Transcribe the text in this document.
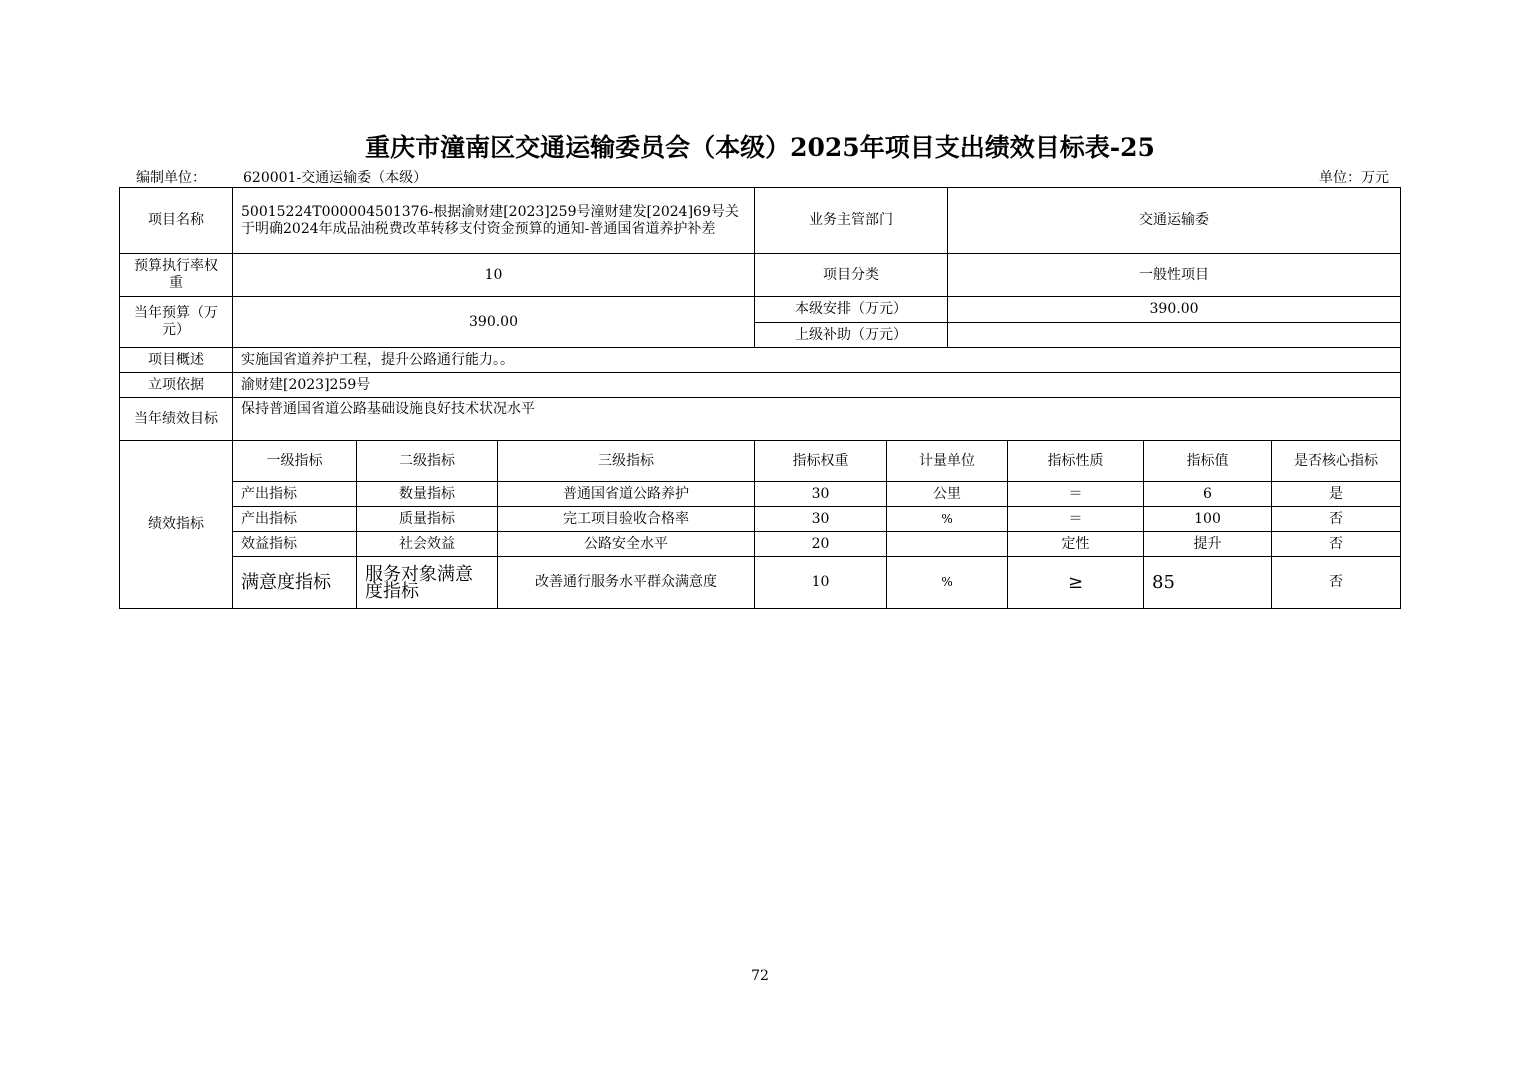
重庆市潼南区交通运输委员会（本级）2025年项目支出绩效目标表-25
编制单位：	620001-交通运输委（本级）	单位：万元
项目名称	50015224T000004501376-根据渝财建[2023]259号潼财建发[2024]69号关于明确2024年成品油税费改革转移支付资金预算的通知-普通国省道养护补差			业务主管部门		交通运输委			
预算执行率权重	10			项目分类		一般性项目			
当年预算（万元）	390.00			本级安排（万元）		390.00			
				上级补助（万元）					
项目概述	实施国省道养护工程，提升公路通行能力。。								
立项依据	渝财建[2023]259号								
当年绩效目标	保持普通国省道公路基础设施良好技术状况水平								
绩效指标	一级指标	二级指标	三级指标	指标权重	计量单位		指标性质	指标值	是否核心指标
	产出指标	数量指标	普通国省道公路养护	30	公里		＝	6	是
	产出指标	质量指标	完工项目验收合格率	30	%		＝	100	否
	效益指标	社会效益	公路安全水平	20			定性	提升	否
	满意度指标	服务对象满意度指标	改善通行服务水平群众满意度	10	%		≥	85	否
72
